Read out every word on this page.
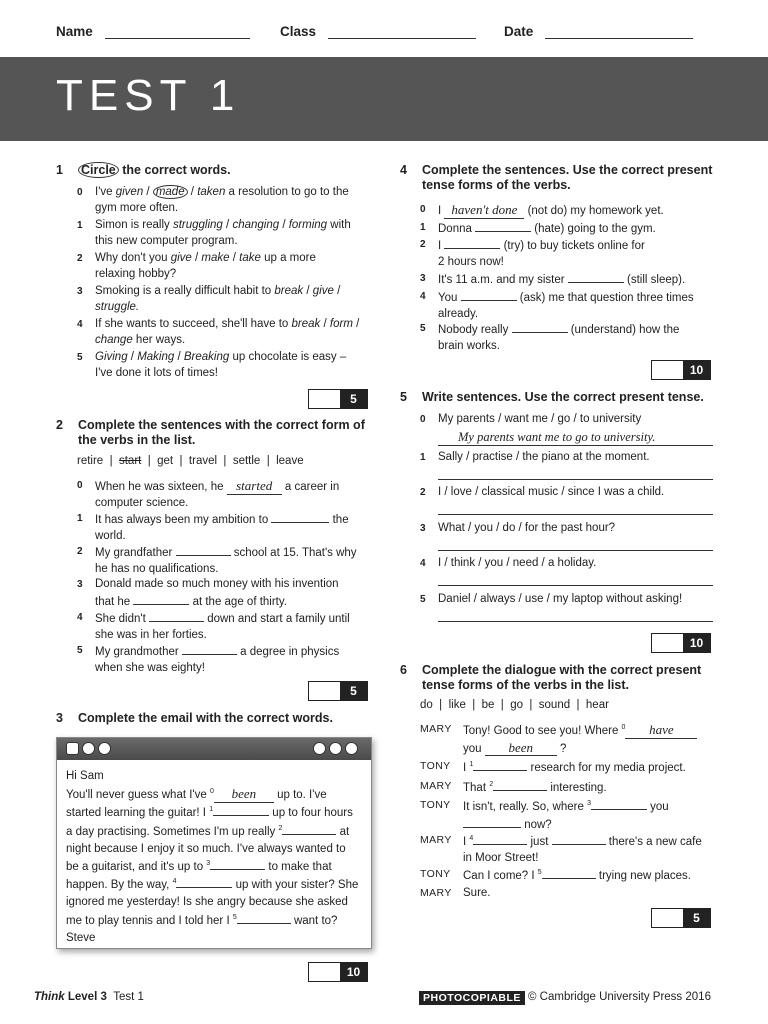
Name	Class	Date
TEST 1
1 Circle the correct words.
0 I've given / made / taken a resolution to go to the
gym more often.
1 Simon is really struggling / changing / forming with
this new computer program.
2 Why don't you give / make / take up a more
relaxing hobby?
3 Smoking is a really difficult habit to break / give /
struggle.
4 If she wants to succeed, she'll have to break / form /
change her ways.
5 Giving / Making / Breaking up chocolate is easy –
I've done it lots of times!
5
2 Complete the sentences with the correct form of
the verbs in the list.
retire  |  start  |  get  |  travel  |  settle  |  leave
0 When he was sixteen, he started a career in
computer science.
1 It has always been my ambition to	the
world.
2 My grandfather	school at 15. That's why
he has no qualifications.
3 Donald made so much money with his invention
that he	at the age of thirty.
4 She didn't	down and start a family until
she was in her forties.
5 My grandmother	a degree in physics
when she was eighty!
5
3 Complete the email with the correct words.
Hi Sam
You'll never guess what I've $^0$ been up to. I've
started learning the guitar! I $^1$	up to four hours
a day practising. Sometimes I'm up really $^2$	at
night because I enjoy it so much. I've always wanted to
be a guitarist, and it's up to $^3$	to make that
happen. By the way, $^4$	up with your sister? She
ignored me yesterday! Is she angry because she asked
me to play tennis and I told her I $^5$	want to?
Steve
10
4 Complete the sentences. Use the correct present
tense forms of the verbs.
0 I haven't done (not do) my homework yet.
1 Donna	(hate) going to the gym.
2 I	(try) to buy tickets online for
2 hours now!
3 It's 11 a.m. and my sister	(still sleep).
4 You	(ask) me that question three times
already.
5 Nobody really	(understand) how the
brain works.
10
5 Write sentences. Use the correct present tense.
0 My parents / want me / go / to university
My parents want me to go to university.
1 Sally / practise / the piano at the moment.
2 I / love / classical music / since I was a child.
3 What / you / do / for the past hour?
4 I / think / you / need / a holiday.
5 Daniel / always / use / my laptop without asking!
10
6 Complete the dialogue with the correct present
tense forms of the verbs in the list.
do  |  like  |  be  |  go  |  sound  |  hear
MARY Tony! Good to see you! Where $^0$ have
you been ?
TONY I $^1$	research for my media project.
MARY That $^2$	interesting.
TONY It isn't, really. So, where $^3$	you
now?
MARY I $^4$	just	there's a new cafe
in Moor Street!
TONY Can I come? I $^5$	trying new places.
MARY Sure.
5
Think Level 3 Test 1	PHOTOCOPIABLE © Cambridge University Press 2016
